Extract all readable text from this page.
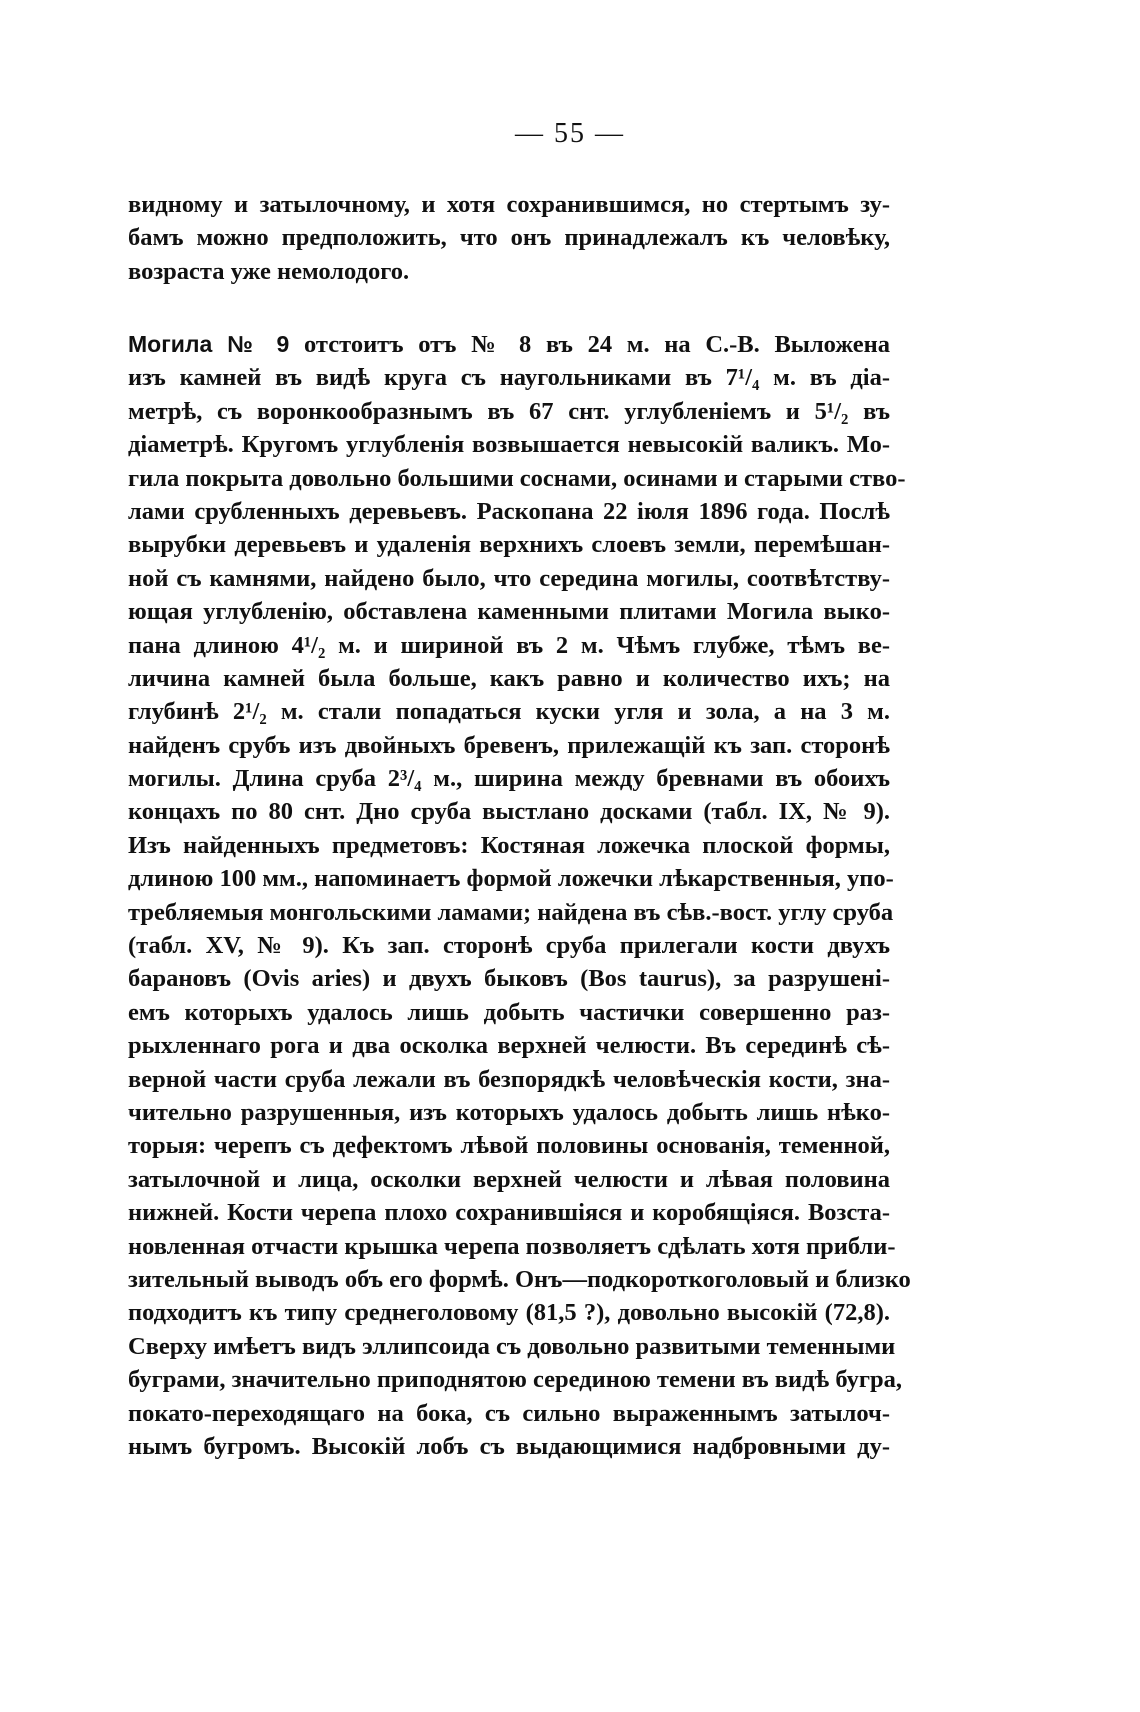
— 55 —
видному и затылочному, и хотя сохранившимся, но стертымъ зу-
бамъ можно предположить, что онъ принадлежалъ къ человѣку,
возраста уже немолодого.
Могила № 9 отстоитъ отъ № 8 въ 24 м. на С.-В. Выложена
изъ камней въ видѣ круга съ наугольниками въ 7¹/₄ м. въ дiа-
метрѣ, съ воронкообразнымъ въ 67 снт. углубленiемъ и 5¹/₂ въ
дiаметрѣ. Кругомъ углубленiя возвышается невысокiй валикъ. Мо-
гила покрыта довольно большими соснами, осинами и старыми ство-
лами срубленныхъ деревьевъ. Раскопана 22 iюля 1896 года. Послѣ
вырубки деревьевъ и удаленiя верхнихъ слоевъ земли, перемѣшан-
ной съ камнями, найдено было, что середина могилы, соотвѣтству-
ющая углубленiю, обставлена каменными плитами Могила выко-
пана длиною 4¹/₂ м. и шириной въ 2 м. Чѣмъ глубже, тѣмъ ве-
личина камней была больше, какъ равно и количество ихъ; на
глубинѣ 2¹/₂ м. стали попадаться куски угля и зола, а на 3 м.
найденъ срубъ изъ двойныхъ бревенъ, прилежащiй къ зап. сторонѣ
могилы. Длина сруба 2³/₄ м., ширина между бревнами въ обоихъ
концахъ по 80 снт. Дно сруба выстлано досками (табл. IX, № 9).
Изъ найденныхъ предметовъ: Костяная ложечка плоской формы,
длиною 100 мм., напоминаетъ формой ложечки лѣкарственныя, упо-
требляемыя монгольскими ламами; найдена въ сѣв.-вост. углу сруба
(табл. XV, № 9). Къ зап. сторонѣ сруба прилегали кости двухъ
барановъ (Ovis aries) и двухъ быковъ (Bos taurus), за разрушенi-
емъ которыхъ удалось лишь добыть частички совершенно раз-
рыхленнаго рога и два осколка верхней челюсти. Въ серединѣ сѣ-
верной части сруба лежали въ безпорядкѣ человѣческiя кости, зна-
чительно разрушенныя, изъ которыхъ удалось добыть лишь нѣко-
торыя: черепъ съ дефектомъ лѣвой половины основанiя, теменной,
затылочной и лица, осколки верхней челюсти и лѣвая половина
нижней. Кости черепа плохо сохранившiяся и коробящiяся. Возста-
новленная отчасти крышка черепа позволяетъ сдѣлать хотя прибли-
зительный выводъ объ его формѣ. Онъ—подкороткоголовый и близко
подходитъ къ типу среднеголовому (81,5 ?), довольно высокiй (72,8).
Сверху имѣетъ видъ эллипсоида съ довольно развитыми теменными
буграми, значительно приподнятою серединою темени въ видѣ бугра,
покато-переходящаго на бока, съ сильно выраженнымъ затылоч-
нымъ бугромъ. Высокiй лобъ съ выдающимися надбровными ду-
